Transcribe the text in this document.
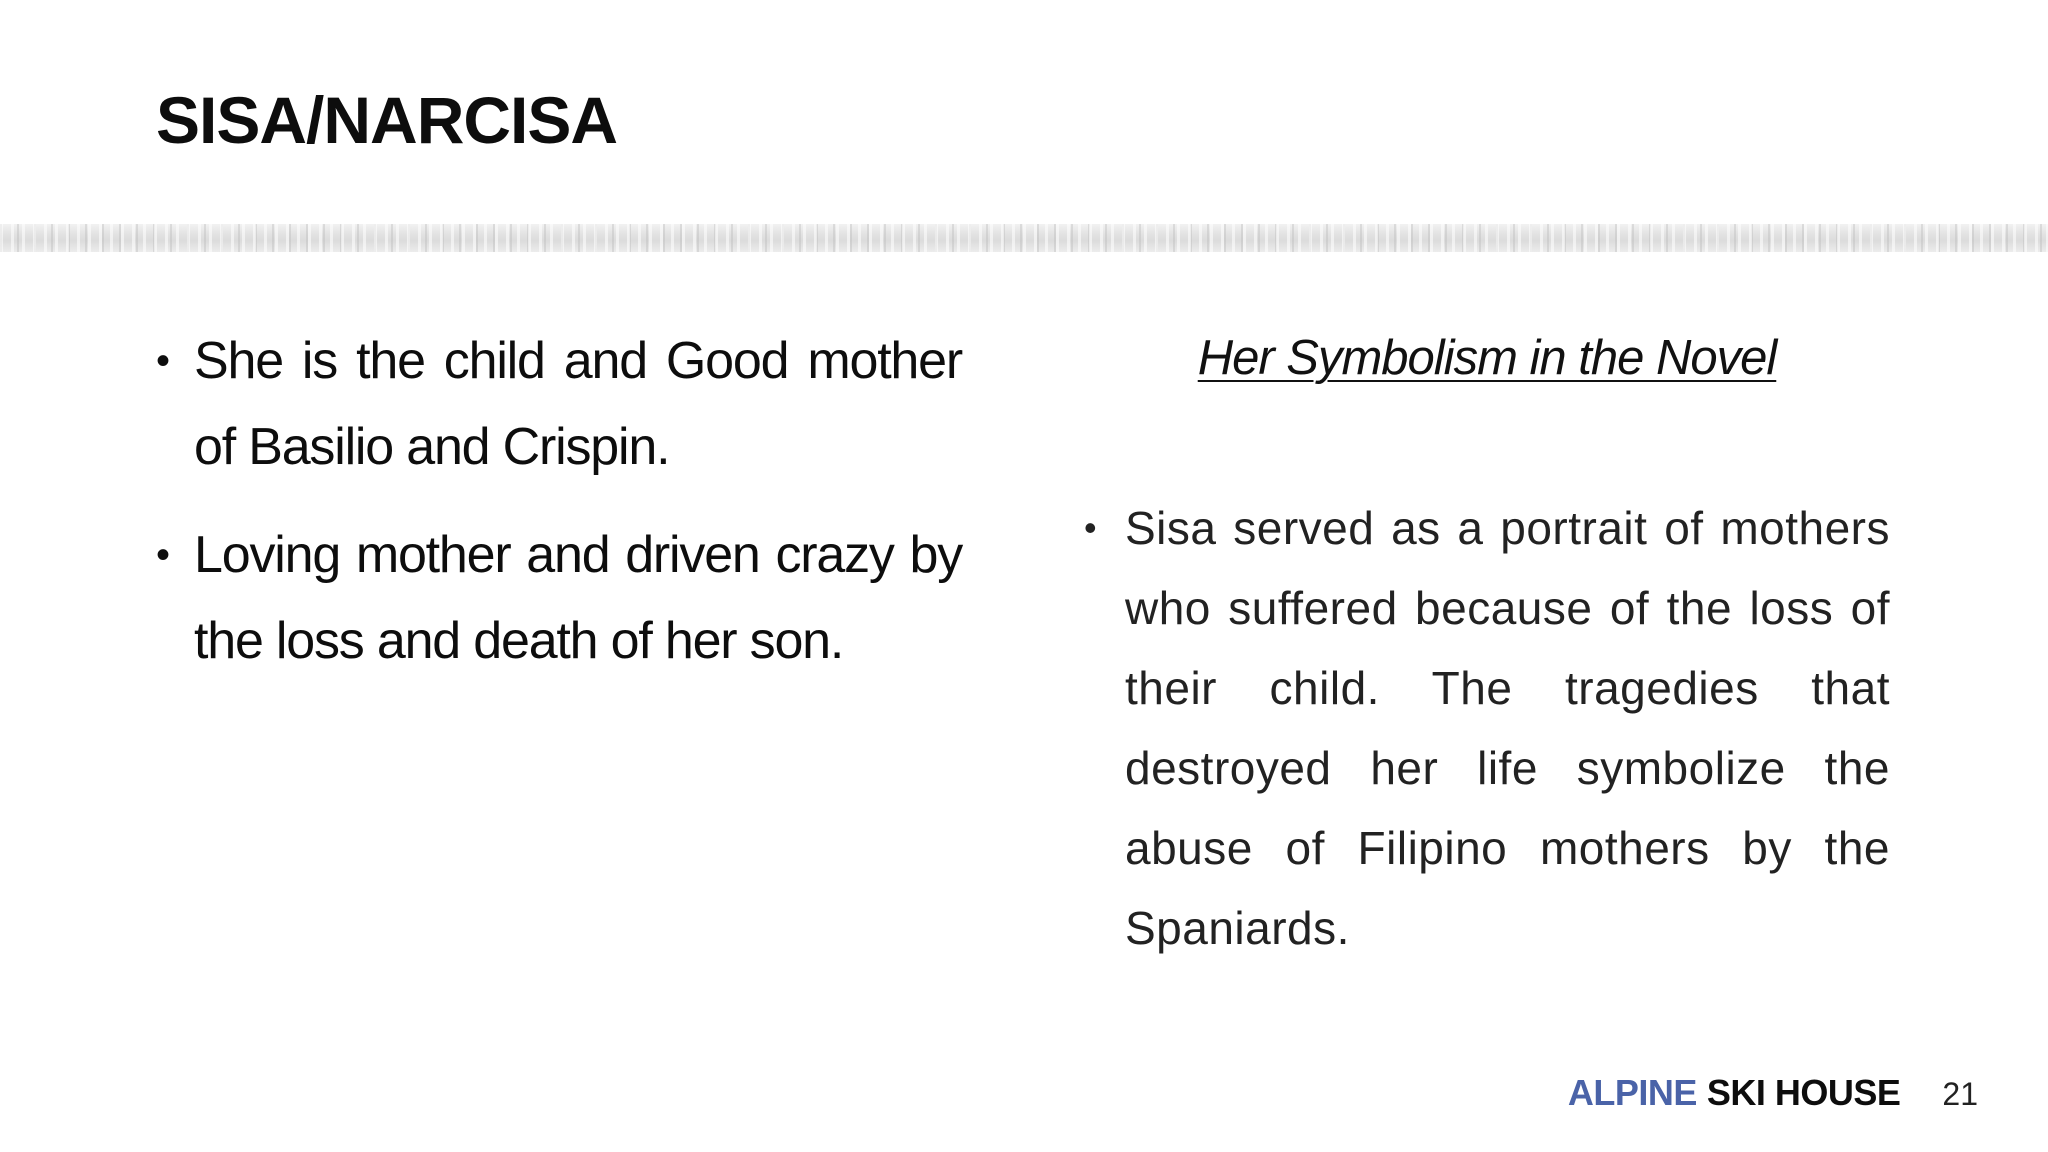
SISA/NARCISA
• She is the child and Good mother of Basilio and Crispin.
• Loving mother and driven crazy by the loss and death of her son.
Her Symbolism in the Novel
• Sisa served as a portrait of mothers who suffered because of the loss of their child. The tragedies that destroyed her life symbolize the abuse of Filipino mothers by the Spaniards.
ALPINE SKI HOUSE 21
